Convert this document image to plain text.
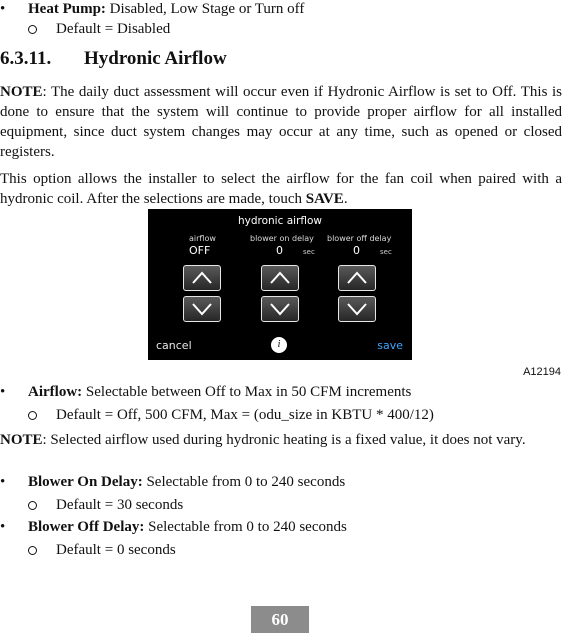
•	Heat Pump: Disabled, Low Stage or Turn off
Default = Disabled
6.3.11. Hydronic Airflow

NOTE: The daily duct assessment will occur even if Hydronic Airflow is set to Off. This is done to ensure that the system will continue to provide proper airflow for all installed equipment, since duct system changes may occur at any time, such as opened or closed registers.

This option allows the installer to select the airflow for the fan coil when paired with a hydronic coil. After the selections are made, touch SAVE.

hydronic airflow
airflow
OFF
blower on delay
0	sec
blower off delay
0	sec
cancel	i	save
A12194
•	Airflow: Selectable between Off to Max in 50 CFM increments
Default = Off, 500 CFM, Max = (odu_size in KBTU * 400/12)

NOTE: Selected airflow used during hydronic heating is a fixed value, it does not vary.

•	Blower On Delay: Selectable from 0 to 240 seconds
Default = 30 seconds
•	Blower Off Delay: Selectable from 0 to 240 seconds
Default = 0 seconds
60
